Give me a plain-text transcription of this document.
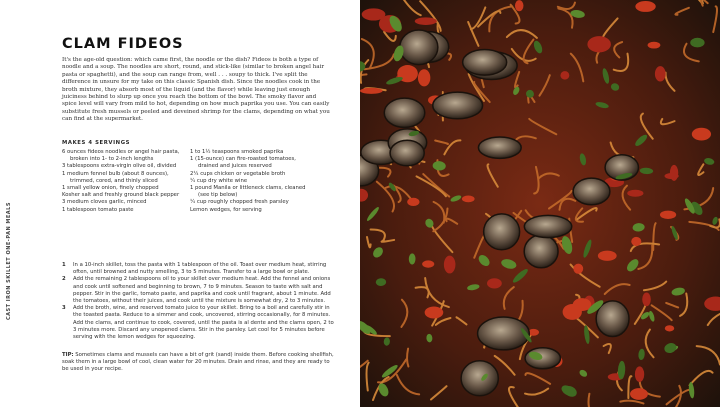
CAST IRON SKILLET ONE-PAN MEALS
CLAM FIDEOS

It's the age-old question: which came first, the noodle or the dish? Fideos is both a type of noodle and a soup. The noodles are short, round, and stick-like (similar to broken angel hair pasta or spaghetti), and the soup can range from, well . . . soupy to thick. I've split the difference in unsure for my take on this classic Spanish dish. Since the noodles cook in the broth mixture, they absorb most of the liquid (and the flavor) while leaving just enough juiciness behind to slurp up once you reach the bottom of the bowl. The smoky flavor and spice level will vary from mild to hot, depending on how much paprika you use. You can easily substitute fresh mussels or peeled and deveined shrimp for the clams, depending on what you can find at the supermarket.

MAKES 4 SERVINGS
6 ounces fideos noodles or angel hair pasta, broken into 1- to 2-inch lengths
3 tablespoons extra-virgin olive oil, divided
1 medium fennel bulb (about 8 ounces), trimmed, cored, and thinly sliced
1 small yellow onion, finely chopped
Kosher salt and freshly ground black pepper
3 medium cloves garlic, minced
1 tablespoon tomato paste
1 to 1½ teaspoons smoked paprika
1 (15-ounce) can fire-roasted tomatoes, drained and juices reserved
2¼ cups chicken or vegetable broth
¼ cup dry white wine
1 pound Manila or littleneck clams, cleaned (see tip below)
¼ cup roughly chopped fresh parsley
Lemon wedges, for serving
1 In a 10-inch skillet, toss the pasta with 1 tablespoon of the oil. Toast over medium heat, stirring often, until browned and nutty smelling, 3 to 5 minutes. Transfer to a large bowl or plate.
2 Add the remaining 2 tablespoons oil to your skillet over medium heat. Add the fennel and onions and cook until softened and beginning to brown, 7 to 9 minutes. Season to taste with salt and pepper. Stir in the garlic, tomato paste, and paprika and cook until fragrant, about 1 minute. Add the tomatoes, without their juices, and cook until the mixture is somewhat dry, 2 to 3 minutes.
3 Add the broth, wine, and reserved tomato juice to your skillet. Bring to a boil and carefully stir in the toasted pasta. Reduce to a simmer and cook, uncovered, stirring occasionally, for 8 minutes. Add the clams, and continue to cook, covered, until the pasta is al dente and the clams open, 2 to 3 minutes more. Discard any unopened clams. Stir in the parsley. Let cool for 5 minutes before serving with the lemon wedges for squeezing.

TIP: Sometimes clams and mussels can have a bit of grit (sand) inside them. Before cooking shellfish, soak them in a large bowl of cool, clean water for 20 minutes. Drain and rinse, and they are ready to be used in your recipe.
